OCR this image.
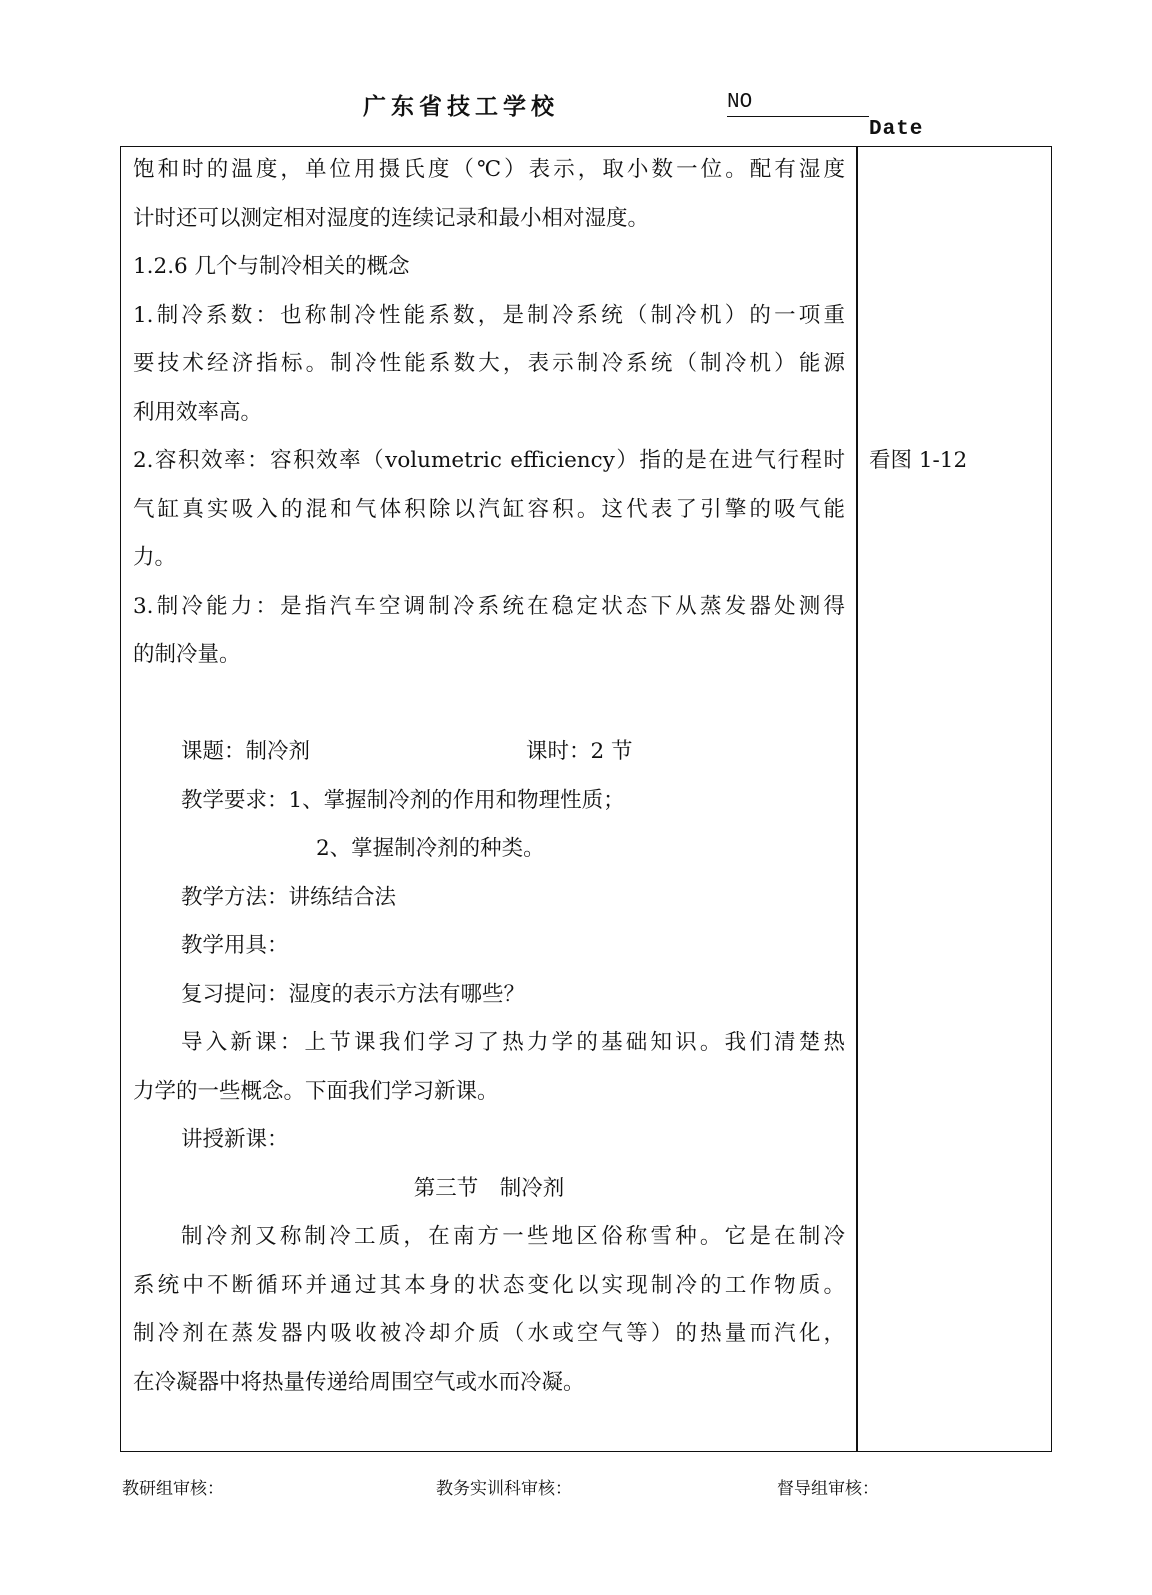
广东省技工学校	NO
Date
饱和时的温度，单位用摄氏度（℃）表示，取小数一位。配有湿度
计时还可以测定相对湿度的连续记录和最小相对湿度。
1.2.6 几个与制冷相关的概念
1.制冷系数：也称制冷性能系数，是制冷系统（制冷机）的一项重
要技术经济指标。制冷性能系数大，表示制冷系统（制冷机）能源
利用效率高。
2.容积效率：容积效率（volumetric efficiency）指的是在进气行程时
气缸真实吸入的混和气体积除以汽缸容积。这代表了引擎的吸气能
力。
3.制冷能力：是指汽车空调制冷系统在稳定状态下从蒸发器处测得
的制冷量。
课题：制冷剂	课时：2 节
教学要求：1、掌握制冷剂的作用和物理性质；
2、掌握制冷剂的种类。
教学方法：讲练结合法
教学用具：
复习提问：湿度的表示方法有哪些？
导入新课：上节课我们学习了热力学的基础知识。我们清楚热
力学的一些概念。下面我们学习新课。
讲授新课：
第三节　制冷剂
制冷剂又称制冷工质，在南方一些地区俗称雪种。它是在制冷
系统中不断循环并通过其本身的状态变化以实现制冷的工作物质。
制冷剂在蒸发器内吸收被冷却介质（水或空气等）的热量而汽化，
在冷凝器中将热量传递给周围空气或水而冷凝。
看图 1-12
教研组审核：	教务实训科审核：	督导组审核：
